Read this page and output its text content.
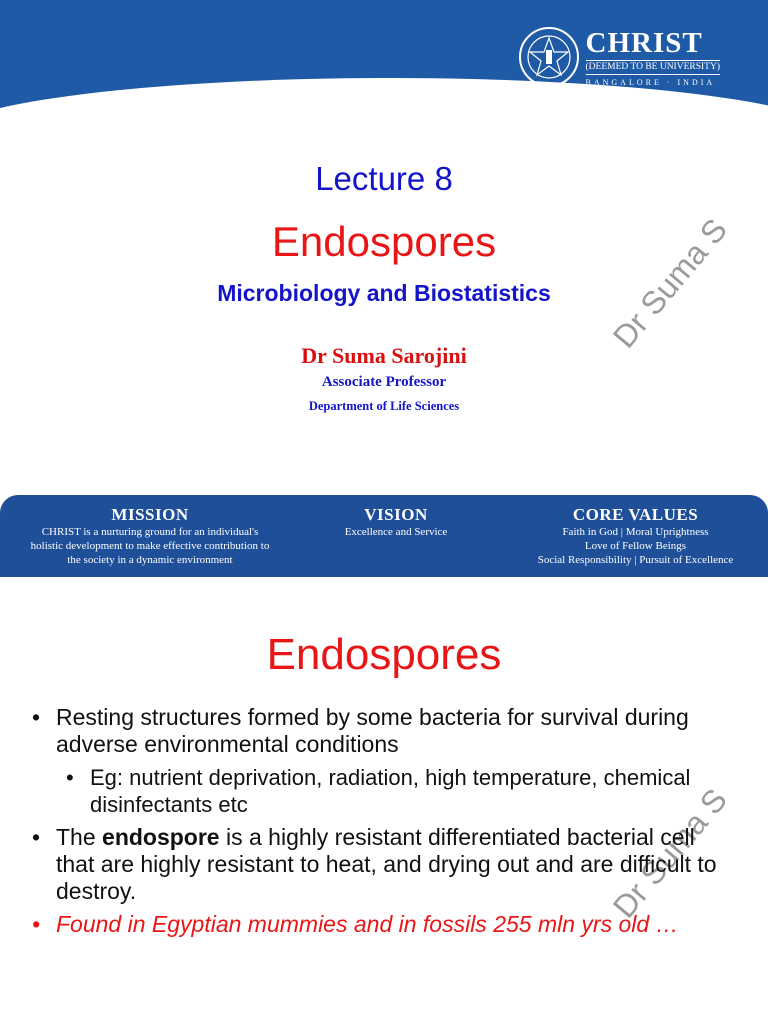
CHRIST
(DEEMED TO BE UNIVERSITY)
BANGALORE · INDIA
Lecture 8
Endospores
Microbiology and Biostatistics
Dr Suma Sarojini
Associate Professor
Department of Life Sciences
Dr Suma S
MISSION
CHRIST is a nurturing ground for an individual's
holistic development to make effective contribution to
the society in a dynamic environment
VISION
Excellence and Service
CORE VALUES
Faith in God | Moral Uprightness
Love of Fellow Beings
Social Responsibility | Pursuit of Excellence
Endospores
Dr Suma S
• Resting structures formed by some bacteria for survival during adverse environmental conditions
• Eg: nutrient deprivation, radiation, high temperature, chemical disinfectants etc
• The endospore is a highly resistant differentiated bacterial cell that are highly resistant to heat, and drying out and are difficult to destroy.
• Found in Egyptian mummies and in fossils 255 mln yrs old …
